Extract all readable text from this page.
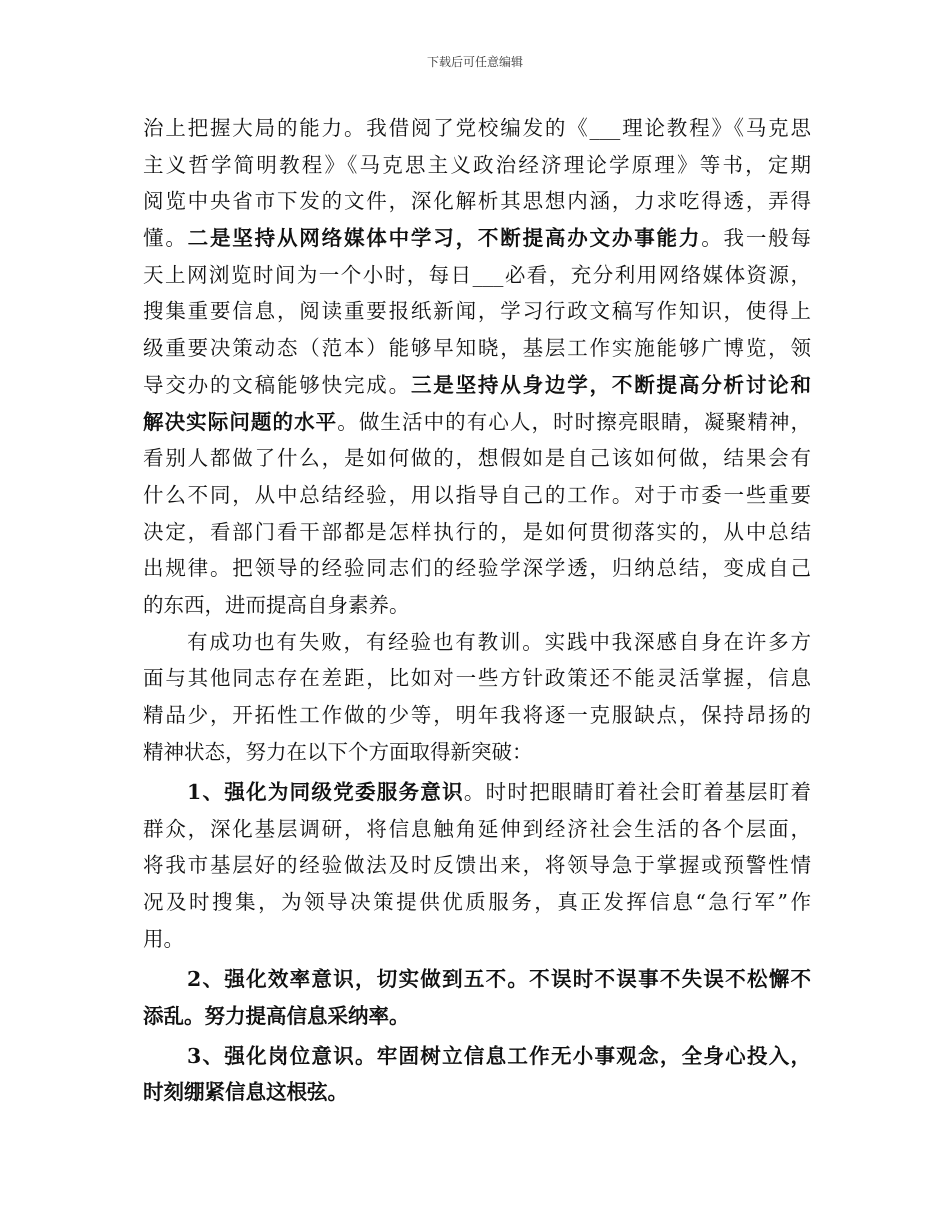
下载后可任意编辑
治上把握大局的能力。我借阅了党校编发的《___理论教程》《马克思
主义哲学简明教程》《马克思主义政治经济理论学原理》等书，定期
阅览中央省市下发的文件，深化解析其思想内涵，力求吃得透，弄得
懂。二是坚持从网络媒体中学习，不断提高办文办事能力。我一般每
天上网浏览时间为一个小时，每日___必看，充分利用网络媒体资源，
搜集重要信息，阅读重要报纸新闻，学习行政文稿写作知识，使得上
级重要决策动态（范本）能够早知晓，基层工作实施能够广博览，领
导交办的文稿能够快完成。三是坚持从身边学，不断提高分析讨论和
解决实际问题的水平。做生活中的有心人，时时擦亮眼睛，凝聚精神，
看别人都做了什么，是如何做的，想假如是自己该如何做，结果会有
什么不同，从中总结经验，用以指导自己的工作。对于市委一些重要
决定，看部门看干部都是怎样执行的，是如何贯彻落实的，从中总结
出规律。把领导的经验同志们的经验学深学透，归纳总结，变成自己
的东西，进而提高自身素养。
有成功也有失败，有经验也有教训。实践中我深感自身在许多方
面与其他同志存在差距，比如对一些方针政策还不能灵活掌握，信息
精品少，开拓性工作做的少等，明年我将逐一克服缺点，保持昂扬的
精神状态，努力在以下个方面取得新突破：
1、强化为同级党委服务意识。时时把眼睛盯着社会盯着基层盯着
群众，深化基层调研，将信息触角延伸到经济社会生活的各个层面，
将我市基层好的经验做法及时反馈出来，将领导急于掌握或预警性情
况及时搜集，为领导决策提供优质服务，真正发挥信息“急行军”作
用。
2、强化效率意识，切实做到五不。不误时不误事不失误不松懈不
添乱。努力提高信息采纳率。
3、强化岗位意识。牢固树立信息工作无小事观念，全身心投入，
时刻绷紧信息这根弦。
